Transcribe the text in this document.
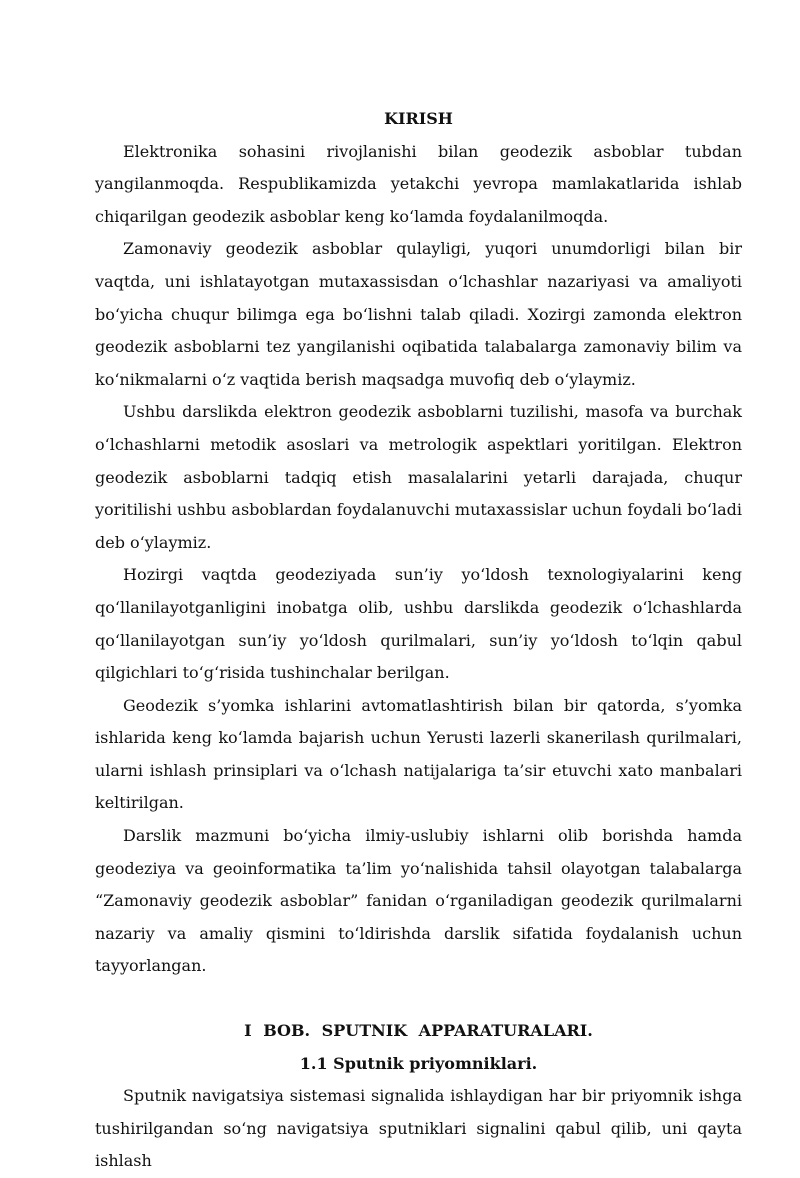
KIRISH

Elektronika sohasini rivojlanishi bilan geodezik asboblar tubdan yangilanmoqda. Respublikamizda yetakchi yevropa mamlakatlarida ishlab chiqarilgan geodezik asboblar keng koʻlamda foydalanilmoqda.

Zamonaviy geodezik asboblar qulayligi, yuqori unumdorligi bilan bir vaqtda, uni ishlatayotgan mutaxassisdan oʻlchashlar nazariyasi va amaliyoti boʻyicha chuqur bilimga ega boʻlishni talab qiladi. Xozirgi zamonda elektron geodezik asboblarni tez yangilanishi oqibatida talabalarga zamonaviy bilim va koʻnikmalarni oʻz vaqtida berish maqsadga muvofiq deb oʻylaymiz.

Ushbu darslikda elektron geodezik asboblarni tuzilishi, masofa va burchak oʻlchashlarni metodik asoslari va metrologik aspektlari yoritilgan. Elektron geodezik asboblarni tadqiq etish masalalarini yetarli darajada, chuqur yoritilishi ushbu asboblardan foydalanuvchi mutaxassislar uchun foydali boʻladi deb oʻylaymiz.

Hozirgi vaqtda geodeziyada sun’iy yoʻldosh texnologiyalarini keng qoʻllanilayotganligini inobatga olib, ushbu darslikda geodezik oʻlchashlarda qoʻllanilayotgan sun’iy yoʻldosh qurilmalari, sun’iy yoʻldosh toʻlqin qabul qilgichlari toʻgʻrisida tushinchalar berilgan.

Geodezik s’yomka ishlarini avtomatlashtirish bilan bir qatorda, s’yomka ishlarida keng koʻlamda bajarish uchun Yerusti lazerli skanerilash qurilmalari, ularni ishlash prinsiplari va oʻlchash natijalariga ta’sir etuvchi xato manbalari keltirilgan.

Darslik mazmuni boʻyicha ilmiy-uslubiy ishlarni olib borishda hamda geodeziya va geoinformatika ta’lim yoʻnalishida tahsil olayotgan talabalarga “Zamonaviy geodezik asboblar” fanidan oʻrganiladigan geodezik qurilmalarni nazariy va amaliy qismini toʻldirishda darslik sifatida foydalanish uchun tayyorlangan.

I BOB. SPUTNIK APPARATURALARI.

1.1 Sputnik priyomniklari.

Sputnik navigatsiya sistemasi signalida ishlaydigan har bir priyomnik ishga tushirilgandan soʻng navigatsiya sputniklari signalini qabul qilib, uni qayta ishlash
